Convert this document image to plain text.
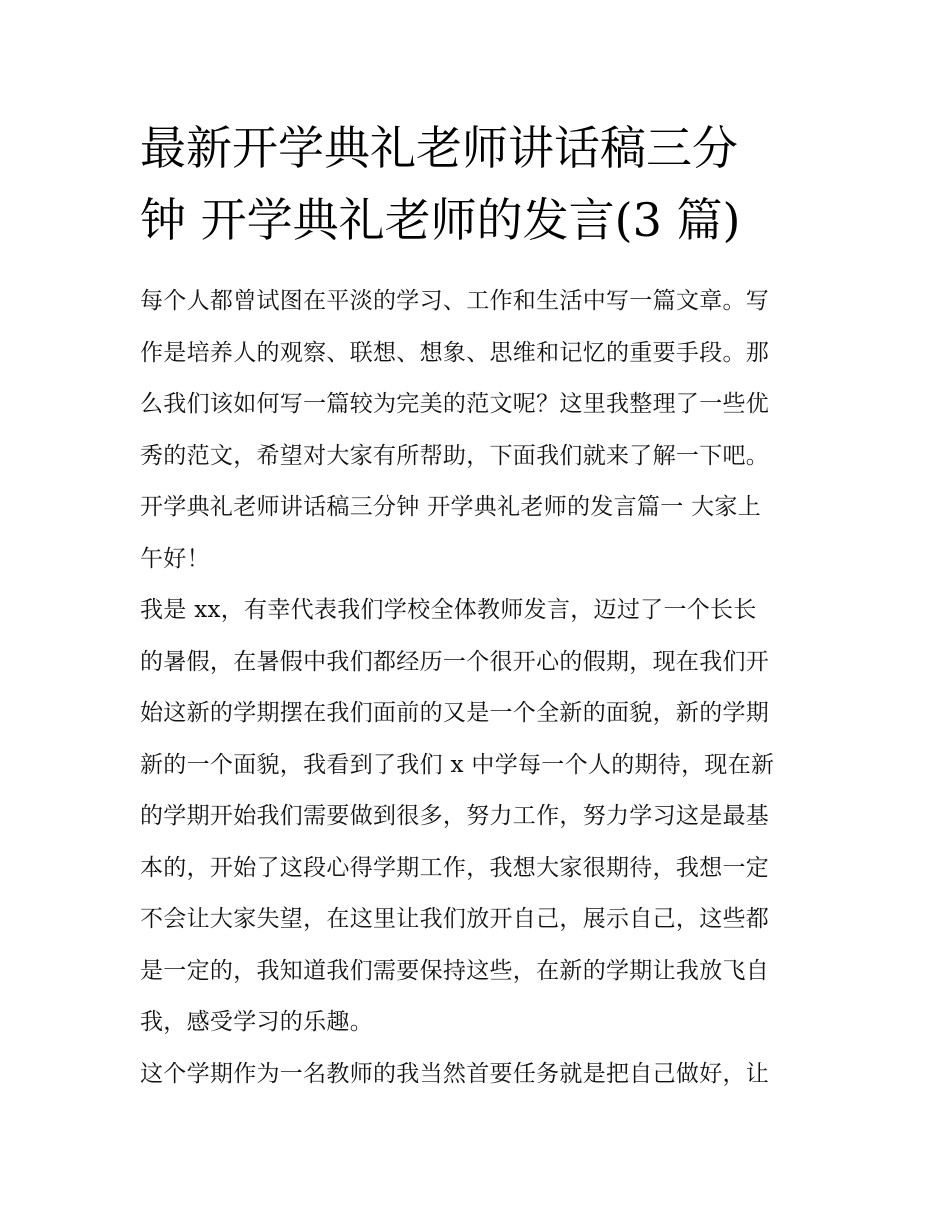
最新开学典礼老师讲话稿三分
钟 开学典礼老师的发言(3 篇)
每个人都曾试图在平淡的学习、工作和生活中写一篇文章。写
作是培养人的观察、联想、想象、思维和记忆的重要手段。那
么我们该如何写一篇较为完美的范文呢？这里我整理了一些优
秀的范文，希望对大家有所帮助，下面我们就来了解一下吧。
开学典礼老师讲话稿三分钟 开学典礼老师的发言篇一 大家上
午好！
我是 xx，有幸代表我们学校全体教师发言，迈过了一个长长
的暑假，在暑假中我们都经历一个很开心的假期，现在我们开
始这新的学期摆在我们面前的又是一个全新的面貌，新的学期
新的一个面貌，我看到了我们 x 中学每一个人的期待，现在新
的学期开始我们需要做到很多，努力工作，努力学习这是最基
本的，开始了这段心得学期工作，我想大家很期待，我想一定
不会让大家失望，在这里让我们放开自己，展示自己，这些都
是一定的，我知道我们需要保持这些，在新的学期让我放飞自
我，感受学习的乐趣。
这个学期作为一名教师的我当然首要任务就是把自己做好，让
